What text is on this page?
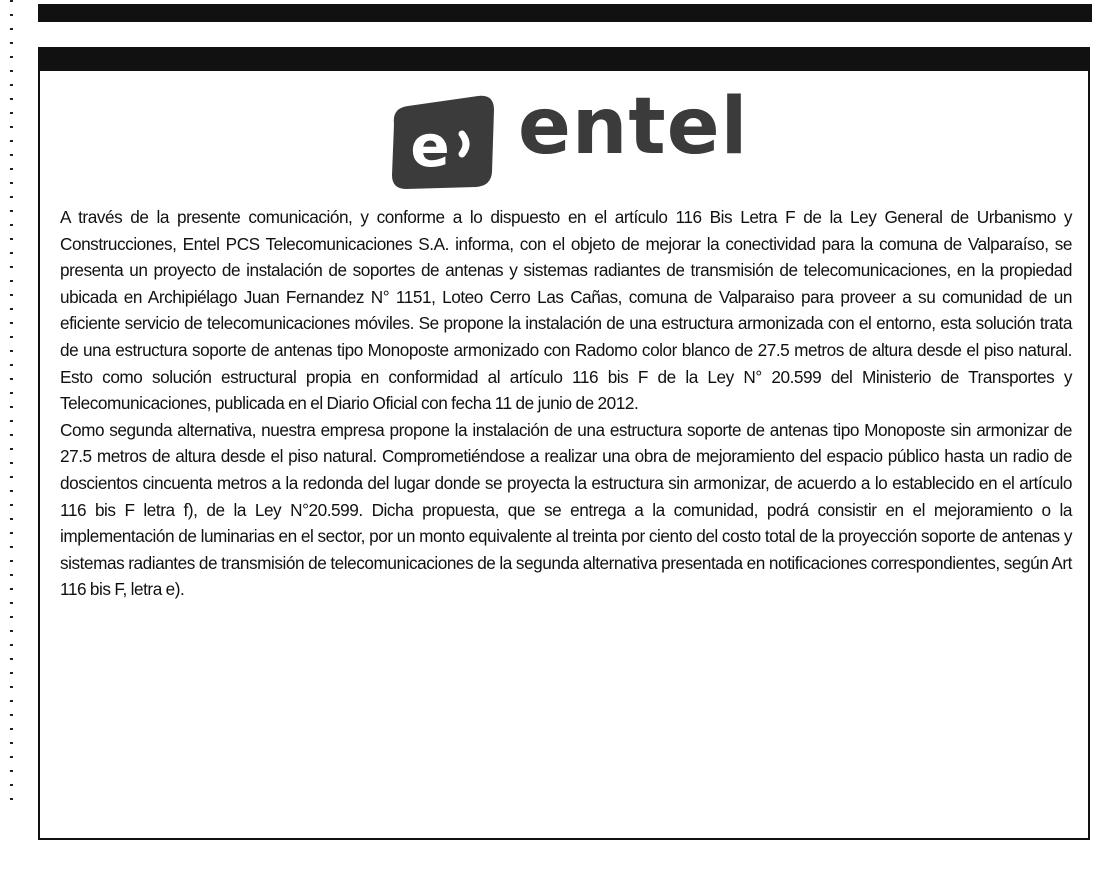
e entel

A través de la presente comunicación, y conforme a lo dispuesto en el artículo 116 Bis Letra F de la Ley General de Urbanismo y Construcciones, Entel PCS Telecomunicaciones S.A. informa, con el objeto de mejorar la conectividad para la comuna de Valparaíso, se presenta un proyecto de instalación de soportes de antenas y sistemas radiantes de transmisión de telecomunicaciones, en la propiedad ubicada en Archipiélago Juan Fernandez N° 1151, Loteo Cerro Las Cañas, comuna de Valparaiso para proveer a su comunidad de un eficiente servicio de telecomunicaciones móviles. Se propone la instalación de una estructura armonizada con el entorno, esta solución trata de una estructura soporte de antenas tipo Monoposte armonizado con Radomo color blanco de 27.5 metros de altura desde el piso natural. Esto como solución estructural propia en conformidad al artículo 116 bis F de la Ley N° 20.599 del Ministerio de Transportes y Telecomunicaciones, publicada en el Diario Oficial con fecha 11 de junio de 2012.

Como segunda alternativa, nuestra empresa propone la instalación de una estructura soporte de antenas tipo Monoposte sin armonizar de 27.5 metros de altura desde el piso natural. Comprometiéndose a realizar una obra de mejoramiento del espacio público hasta un radio de doscientos cincuenta metros a la redonda del lugar donde se proyecta la estructura sin armonizar, de acuerdo a lo establecido en el artículo 116 bis F letra f), de la Ley N°20.599. Dicha propuesta, que se entrega a la comunidad, podrá consistir en el mejoramiento o la implementación de luminarias en el sector, por un monto equivalente al treinta por ciento del costo total de la proyección soporte de antenas y sistemas radiantes de transmisión de telecomunicaciones de la segunda alternativa presentada en notificaciones correspondientes, según Art 116 bis F, letra e).
